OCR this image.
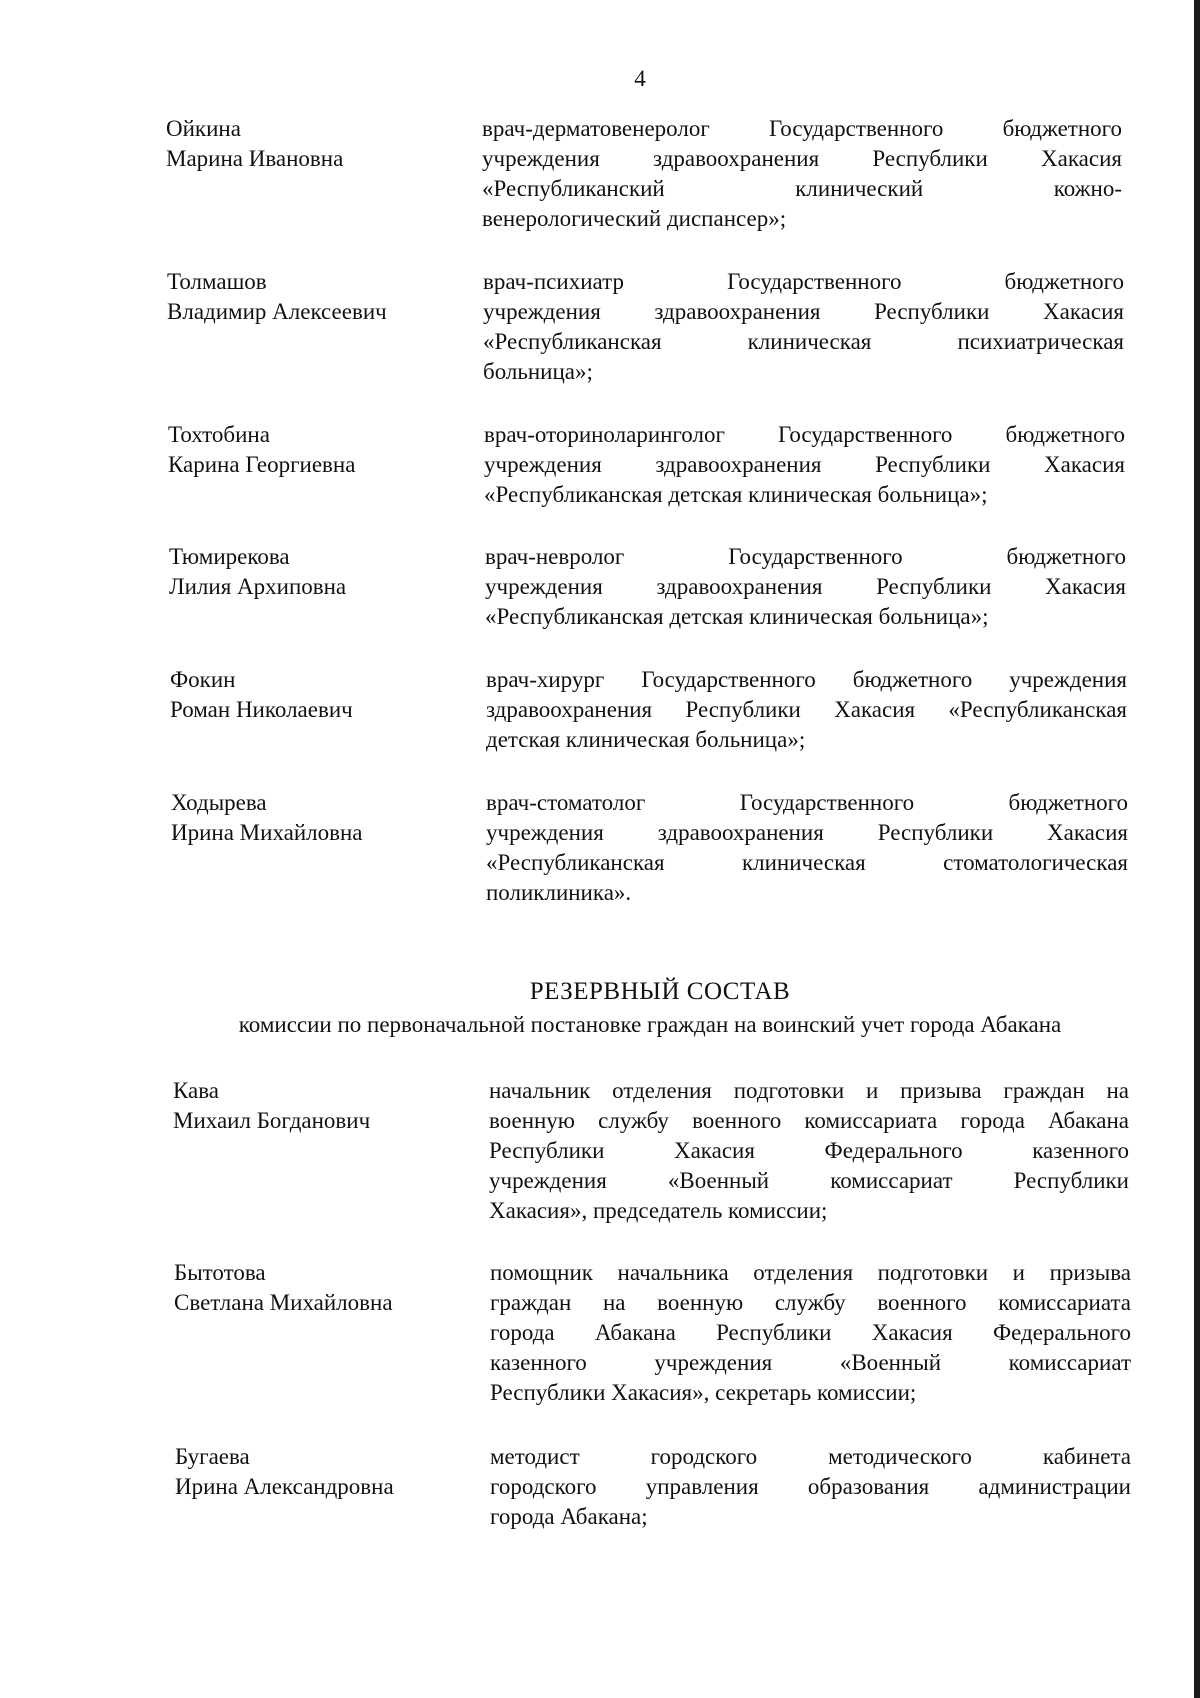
4
Ойкина
Марина Ивановна
врач-дерматовенеролог Государственного бюджетного
учреждения здравоохранения Республики Хакасия
«Республиканский клинический кожно-
венерологический диспансер»;
Толмашов
Владимир Алексеевич
врач-психиатр Государственного бюджетного
учреждения здравоохранения Республики Хакасия
«Республиканская клиническая психиатрическая
больница»;
Тохтобина
Карина Георгиевна
врач-оториноларинголог Государственного бюджетного
учреждения здравоохранения Республики Хакасия
«Республиканская детская клиническая больница»;
Тюмирекова
Лилия Архиповна
врач-невролог Государственного бюджетного
учреждения здравоохранения Республики Хакасия
«Республиканская детская клиническая больница»;
Фокин
Роман Николаевич
врач-хирург Государственного бюджетного учреждения
здравоохранения Республики Хакасия «Республиканская
детская клиническая больница»;
Ходырева
Ирина Михайловна
врач-стоматолог Государственного бюджетного
учреждения здравоохранения Республики Хакасия
«Республиканская клиническая стоматологическая
поликлиника».
РЕЗЕРВНЫЙ СОСТАВ
комиссии по первоначальной постановке граждан на воинский учет города Абакана
Кава
Михаил Богданович
начальник отделения подготовки и призыва граждан на
военную службу военного комиссариата города Абакана
Республики Хакасия Федерального казенного
учреждения «Военный комиссариат Республики
Хакасия», председатель комиссии;
Бытотова
Светлана Михайловна
помощник начальника отделения подготовки и призыва
граждан на военную службу военного комиссариата
города Абакана Республики Хакасия Федерального
казенного учреждения «Военный комиссариат
Республики Хакасия», секретарь комиссии;
Бугаева
Ирина Александровна
методист городского методического кабинета
городского управления образования администрации
города Абакана;
